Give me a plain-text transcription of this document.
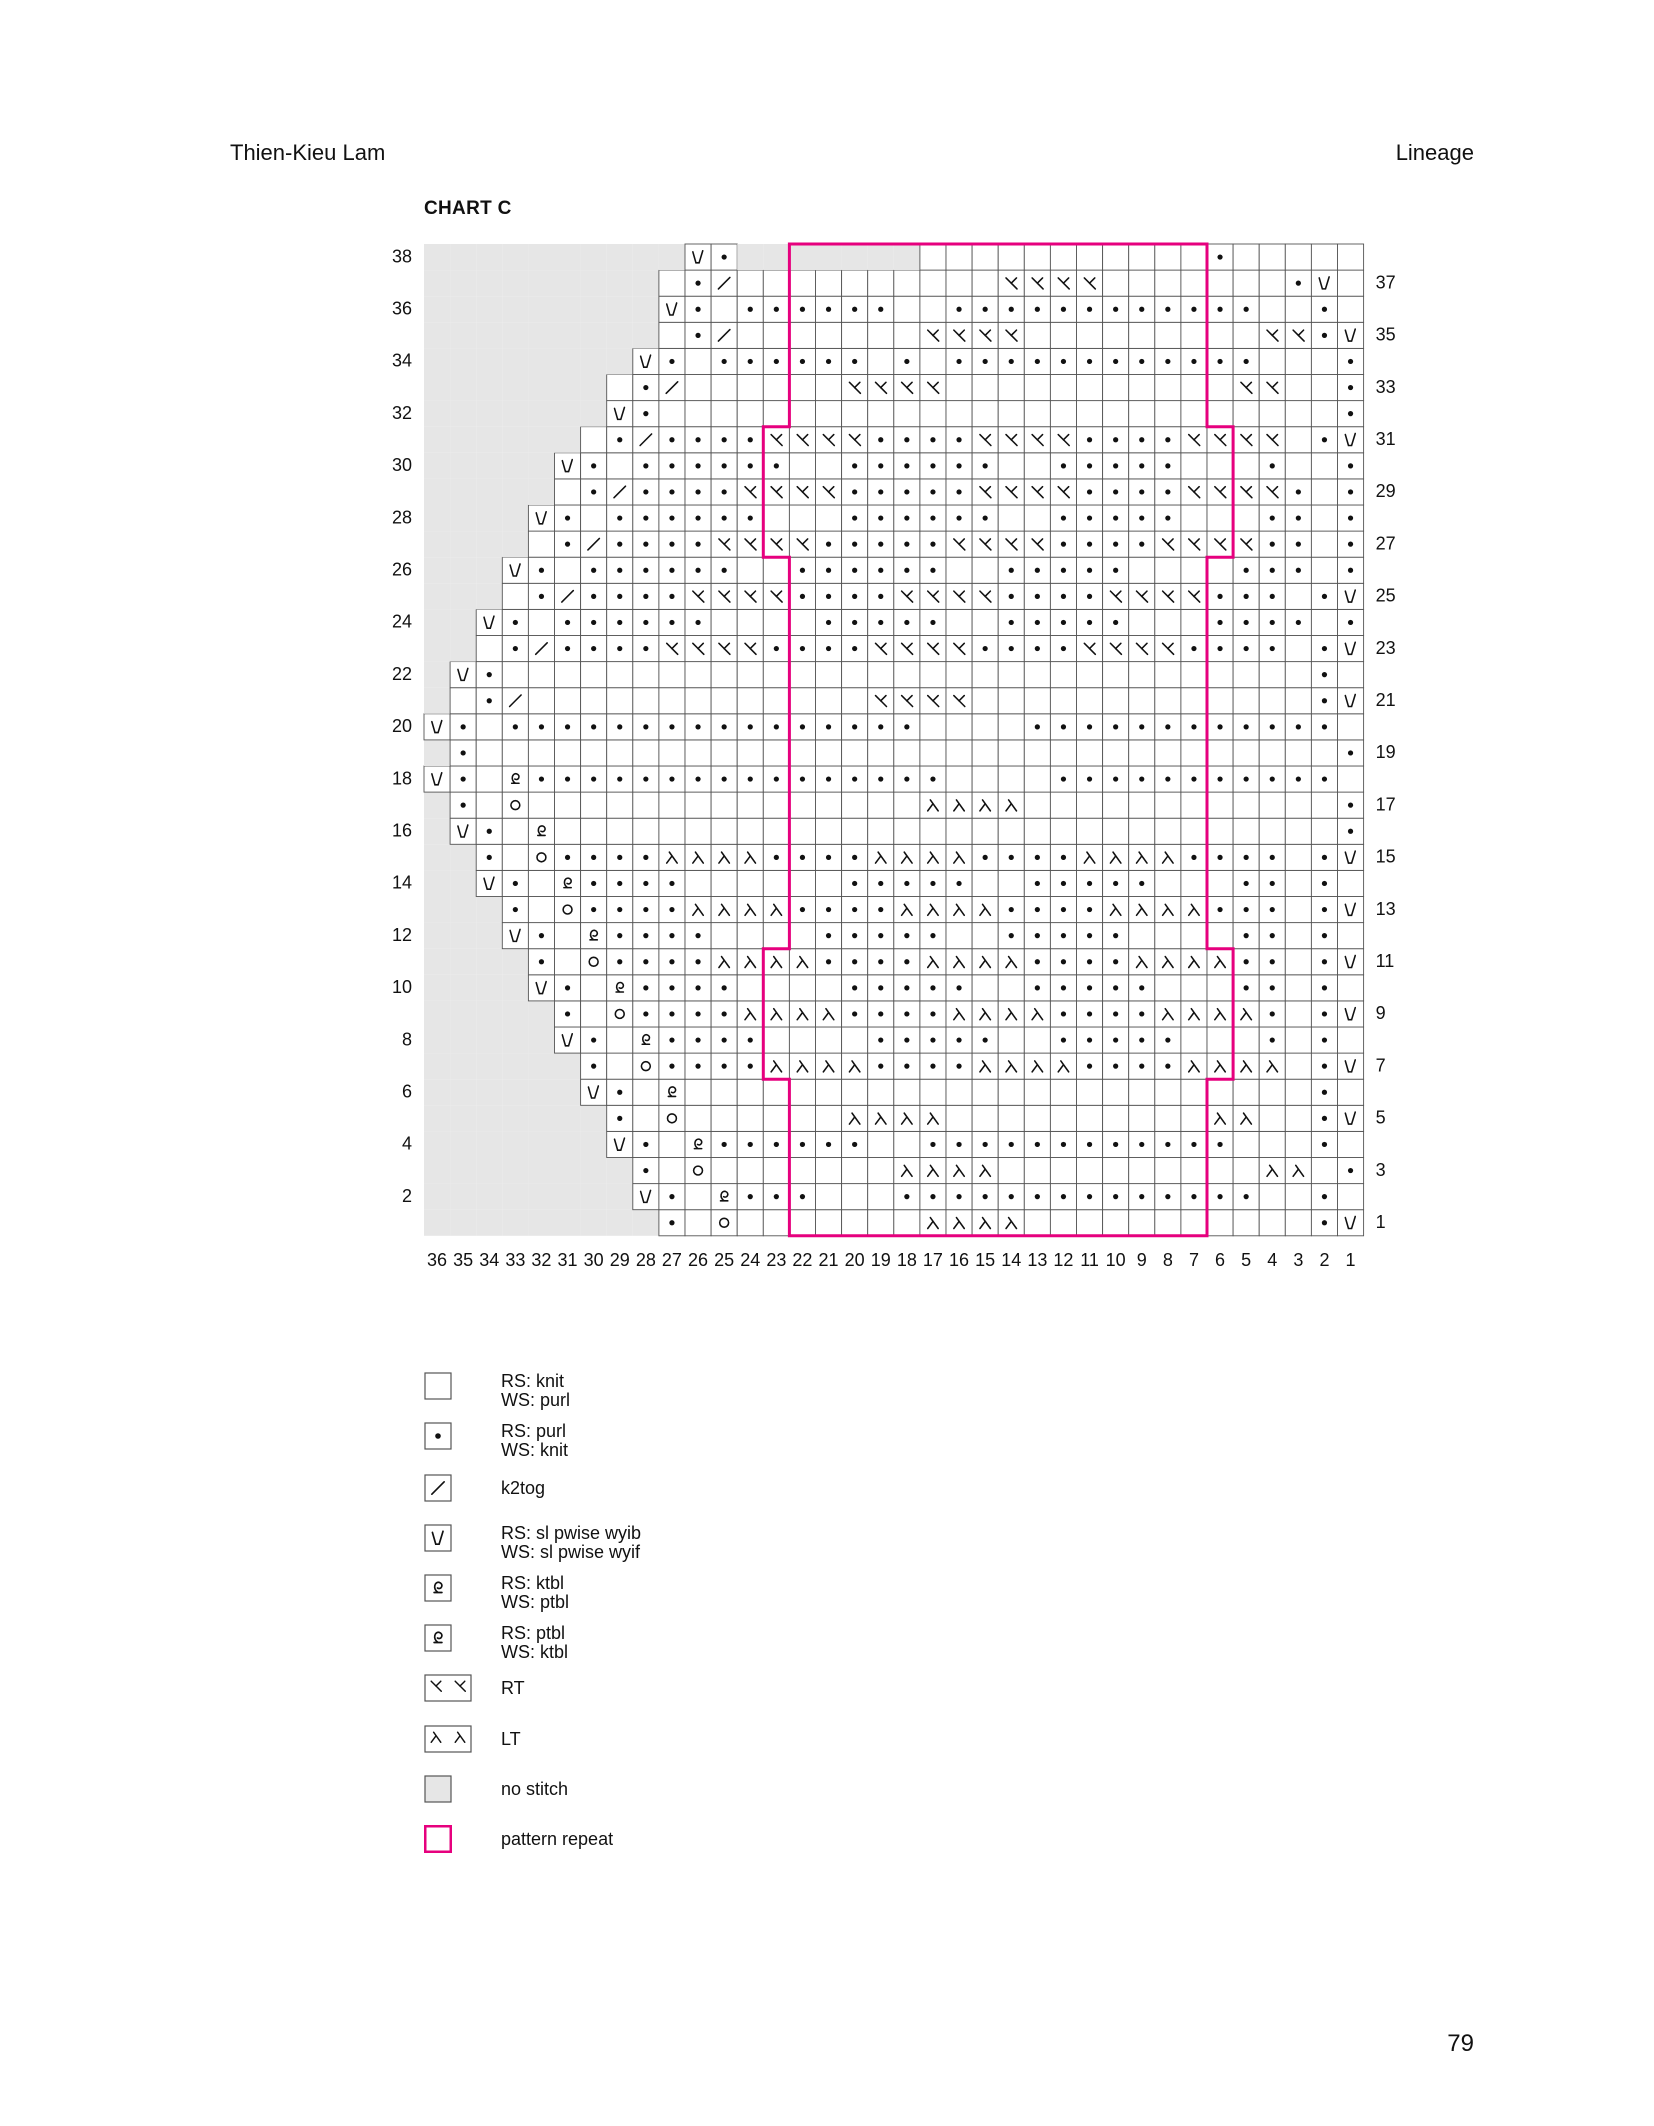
Thien-Kieu Lam	Lineage
CHART C
38
36
34
32
30
28
26
24
22
20
18
16
14
12
10
8
6
4
2
37
35
33
31
29
27
25
23
21
19
17
15
13
11
9
7
5
3
1
36 35 34 33 32 31 30 29 28 27 26 25 24 23 22 21 20 19 18 17 16 15 14 13 12 11 10 9 8 7 6 5 4 3 2 1
RS: knit
WS: purl
RS: purl
WS: knit
k2tog
RS: sl pwise wyib
WS: sl pwise wyif
RS: ktbl
WS: ptbl
RS: ptbl
WS: ktbl
RT
LT
no stitch
pattern repeat
79
